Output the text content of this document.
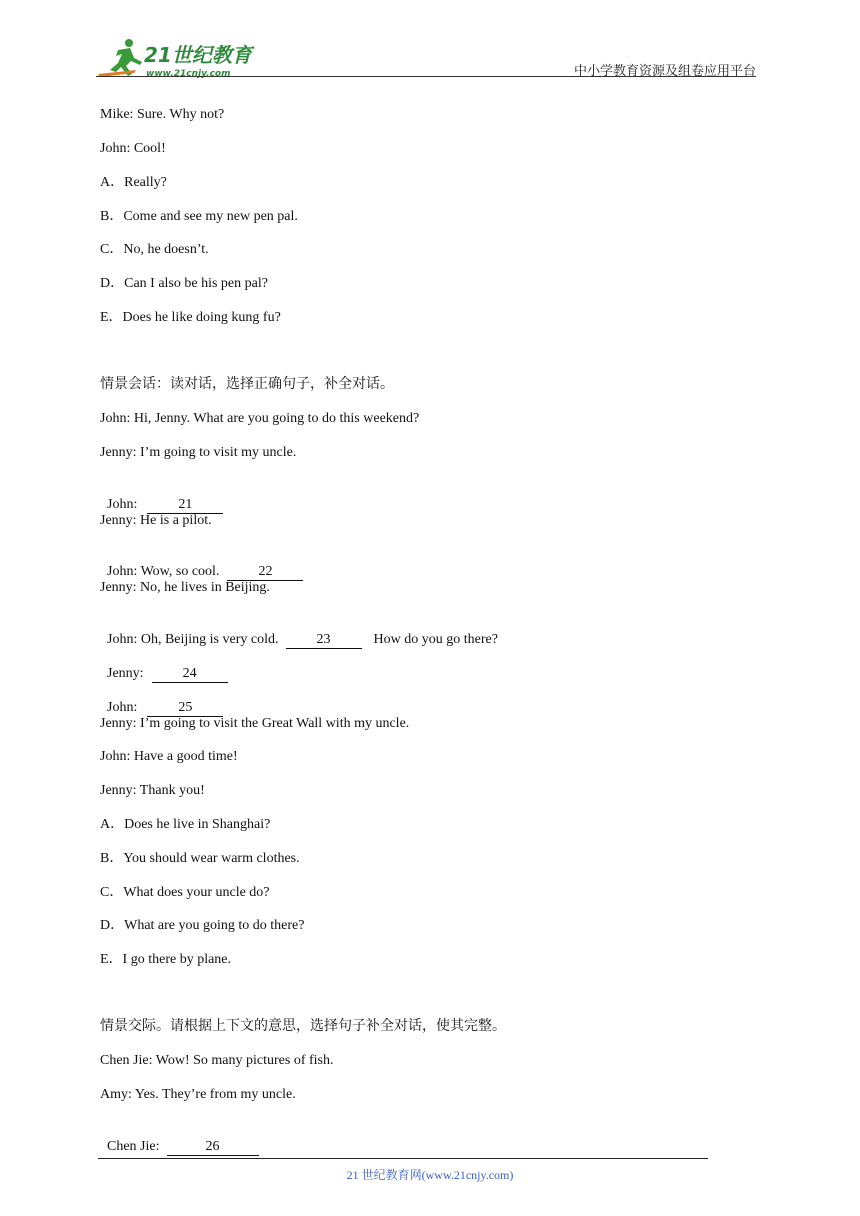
21世纪教育
www.21cnjy.com	中小学教育资源及组卷应用平台
Mike: Sure. Why not?
John: Cool!
A．Really?
B．Come and see my new pen pal.
C．No, he doesn’t.
D．Can I also be his pen pal?
E．Does he like doing kung fu?
情景会话：读对话，选择正确句子，补全对话。
John: Hi, Jenny. What are you going to do this weekend?
Jenny: I’m going to visit my uncle.

John:	21

Jenny: He is a pilot.

John: Wow, so cool.	22

Jenny: No, he lives in Beijing.

John: Oh, Beijing is very cold.	23	How do you go there?

Jenny:	24

John:	25

Jenny: I’m going to visit the Great Wall with my uncle.
John: Have a good time!
Jenny: Thank you!
A．Does he live in Shanghai?
B．You should wear warm clothes.
C．What does your uncle do?
D．What are you going to do there?
E．I go there by plane.
情景交际。请根据上下文的意思，选择句子补全对话，使其完整。
Chen Jie: Wow! So many pictures of fish.
Amy: Yes. They’re from my uncle.

Chen Jie:	26

21 世纪教育网(www.21cnjy.com)
